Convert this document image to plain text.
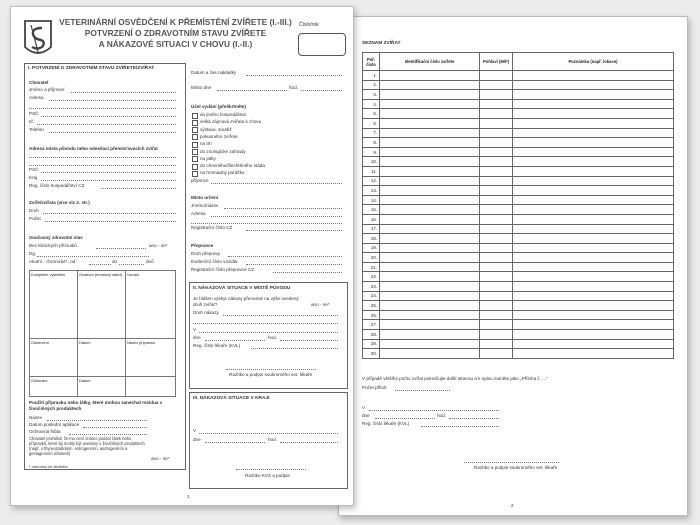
SEZNAM ZVÍŘAT
Poř. číslo	Identifikační číslo zvířete	Pohlaví (M/F)	Poznámka (např. lokace)
1.			
2.			
3.			
4.			
5.			
6.			
7.			
8.			
9.			
10.			
11.			
12.			
13.			
14.			
15.			
16.			
17.			
18.			
19.			
20.			
21.			
22.			
23.			
24.			
25.			
26.			
27.			
28.			
29.			
30.			
V případě většího počtu zvířat pokračujte další stranou a k opisu zaměte jako „Příloha č. ..."
Počet příloh
V
dne	hod.
Reg. číslo lékaře (KVL)
Razítko a podpis soukromého vet. lékaře
2
VETERINÁRNÍ OSVĚDČENÍ K PŘEMÍSTĚNÍ ZVÍŘETE (I.-III.)
POTVRZENÍ O ZDRAVOTNÍM STAVU ZVÍŘETE
A NÁKAZOVÉ SITUACI V CHOVU (I.-II.)
Číslo/rok
I. POTVRZENÍ O ZDRAVOTNÍM STAVU ZVÍŘETE/ZVÍŘAT
Chovatel
Jméno a příjmení
Adresa
PSČ
IČ
Telefon
Adresa místa původu nebo odesílací přemísťovacích zvířat
PSČ
Kraj
Reg. číslo hospodářství CZ
Zvíře/zvířata (více viz 2. str.)
Druh
Počet
Současný zdravotní stav
Bez klinických příznaků	ano - ne*
Dg.
Akutní - chronické*, od	do	dnů
Kompletní vyšetření	Ovarium (hmatový nález)	Vzorek
Odčervení	Datum	Název přípravku
Očkování	Datum	
Použití přípravku nebo látky, které mohou zanechat rezidua v živočišných produktech
Název
Datum poslední aplikace
Ochranná lhůta
Chovatel prohlásil, že mu není známo podání látek nebo přípravků, které by mohly být uvedeny v živočišných produktech (např. s thyreostatickým, estrogenním, androgenním a gestagenním účinkem)
ano - ne*
* nehodící se škrtněte
Datum a čas nakládky
Místo dne	hod.
Účel vydání (přeškrtněte)
do jiného hospodářství
velká zájmová zvířata k chovu
výstava, soutěž
pokusného zvířete
na trh
do zoologické zahrady
na jatky
do chovného/šlechtěného stáda
na hromadný porážku
příjemce
Místo určení
Jméno/název
Adresa
Registrační číslo CZ
Přepravce
Druh přepravy
Evidenční číslo vozidla
Registrační číslo přepravce CZ
II. NÁKAZOVÁ SITUACE V MÍSTĚ PŮVODU
Je hlášen výskyt nákazy přenosné na výše uvedený druh zvířat?	ano - ne*
Druh nákazy
V
dne	hod.
Reg. číslo lékaře (KVL)
Razítko a podpis soukromého vet. lékaře
III. NÁKAZOVÁ SITUACE V KRAJI
V
dne	hod.
Razítko KVS a podpis
1
